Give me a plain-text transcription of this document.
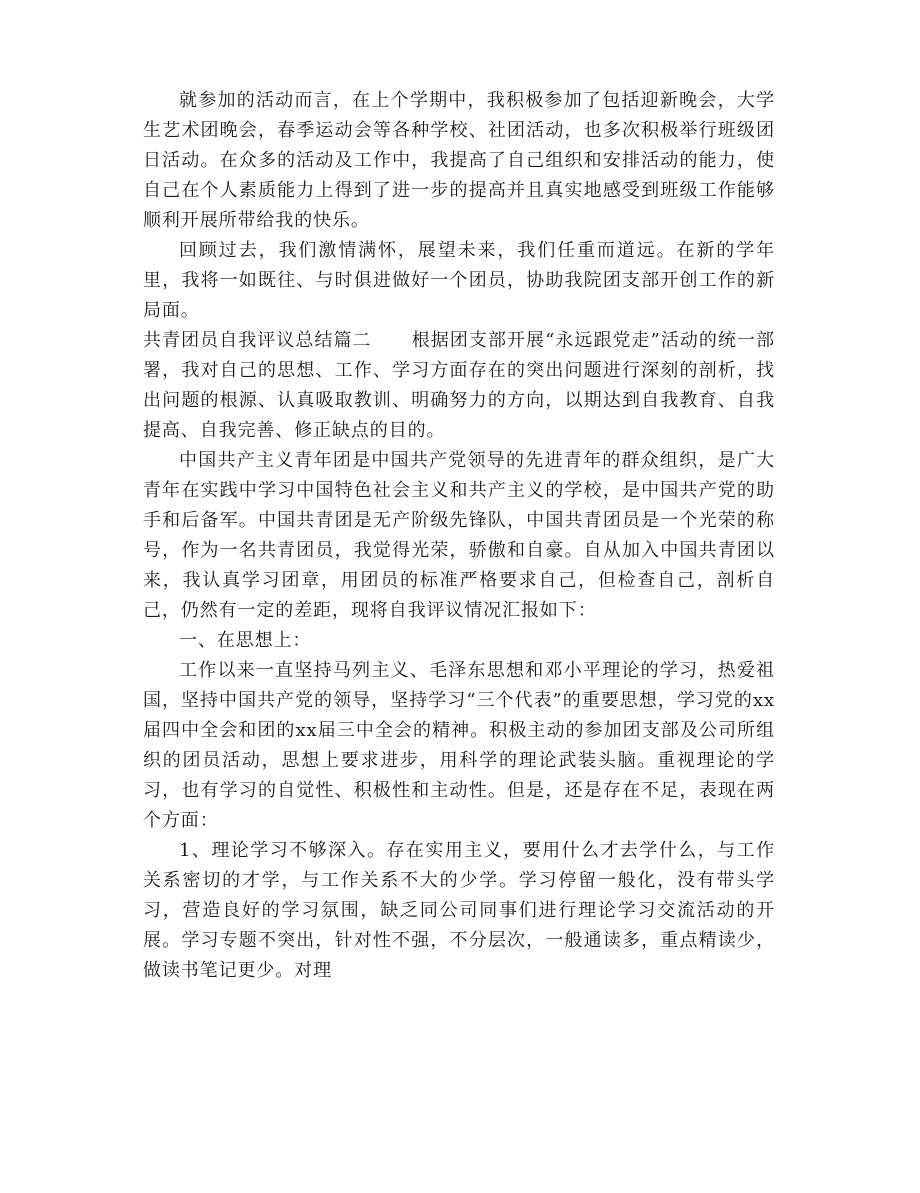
就参加的活动而言，在上个学期中，我积极参加了包括迎新晚会，大学生艺术团晚会，春季运动会等各种学校、社团活动，也多次积极举行班级团日活动。在众多的活动及工作中，我提高了自己组织和安排活动的能力，使自己在个人素质能力上得到了进一步的提高并且真实地感受到班级工作能够顺利开展所带给我的快乐。

回顾过去，我们激情满怀，展望未来，我们任重而道远。在新的学年里，我将一如既往、与时俱进做好一个团员，协助我院团支部开创工作的新局面。

共青团员自我评议总结篇二 根据团支部开展“永远跟党走”活动的统一部署，我对自己的思想、工作、学习方面存在的突出问题进行深刻的剖析，找出问题的根源、认真吸取教训、明确努力的方向，以期达到自我教育、自我提高、自我完善、修正缺点的目的。

中国共产主义青年团是中国共产党领导的先进青年的群众组织，是广大青年在实践中学习中国特色社会主义和共产主义的学校，是中国共产党的助手和后备军。中国共青团是无产阶级先锋队，中国共青团员是一个光荣的称号，作为一名共青团员，我觉得光荣，骄傲和自豪。自从加入中国共青团以来，我认真学习团章，用团员的标准严格要求自己，但检查自己，剖析自己，仍然有一定的差距，现将自我评议情况汇报如下：

一、在思想上：

工作以来一直坚持马列主义、毛泽东思想和邓小平理论的学习，热爱祖国，坚持中国共产党的领导，坚持学习“三个代表”的重要思想，学习党的xx届四中全会和团的xx届三中全会的精神。积极主动的参加团支部及公司所组织的团员活动，思想上要求进步，用科学的理论武装头脑。重视理论的学习，也有学习的自觉性、积极性和主动性。但是，还是存在不足，表现在两个方面：

1、理论学习不够深入。存在实用主义，要用什么才去学什么，与工作关系密切的才学，与工作关系不大的少学。学习停留一般化，没有带头学习，营造良好的学习氛围，缺乏同公司同事们进行理论学习交流活动的开展。学习专题不突出，针对性不强，不分层次，一般通读多，重点精读少，做读书笔记更少。对理
